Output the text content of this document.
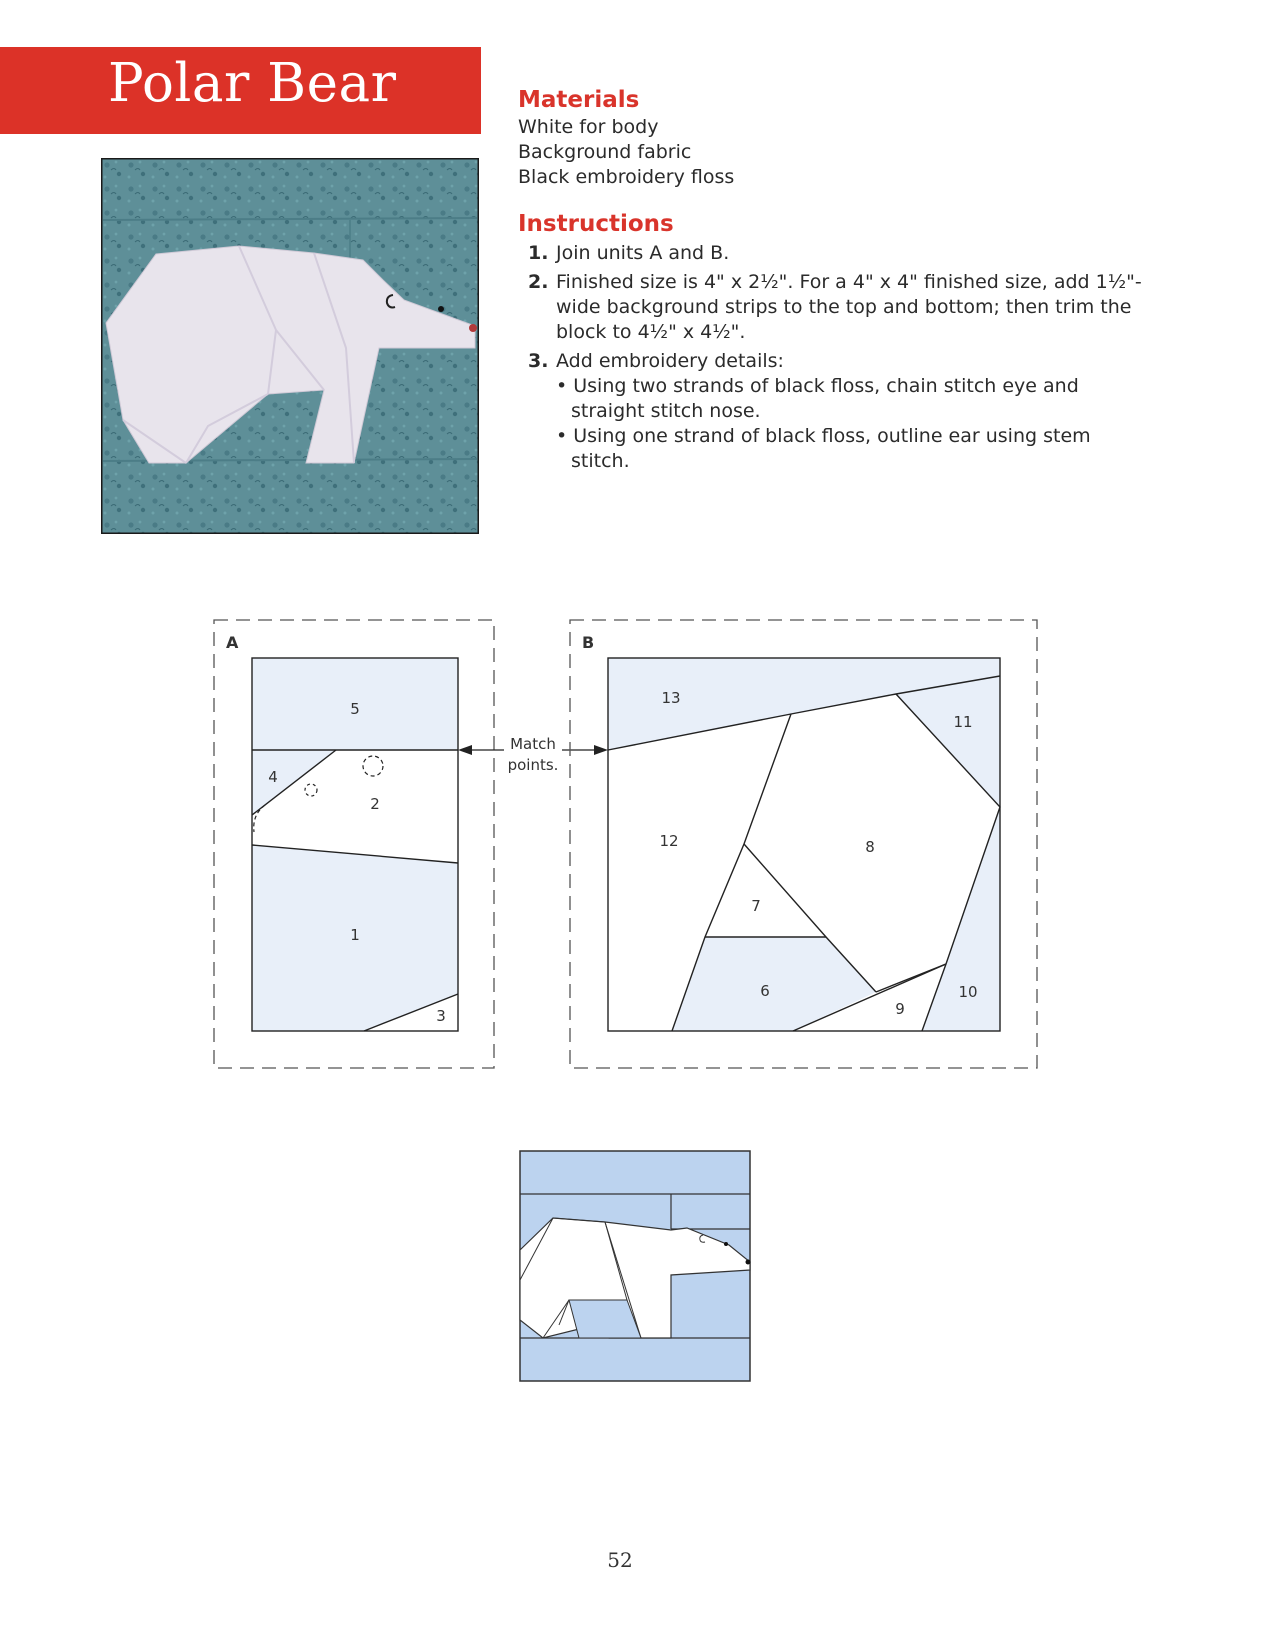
Polar Bear	Materials
White for body
Background fabric
Black embroidery floss
Instructions
1. Join units A and B.
2. Finished size is 4" x 2½". For a 4" x 4" finished size, add 1½"-wide background strips to the top and bottom; then trim the block to 4½" x 4½".
3. Add embroidery details:
• Using two strands of black floss, chain stitch eye and straight stitch nose.
• Using one strand of black floss, outline ear using stem stitch.
A
1
2
3
4
5
Match
points.
B
6
7
8
9
10
11
12
13
52
